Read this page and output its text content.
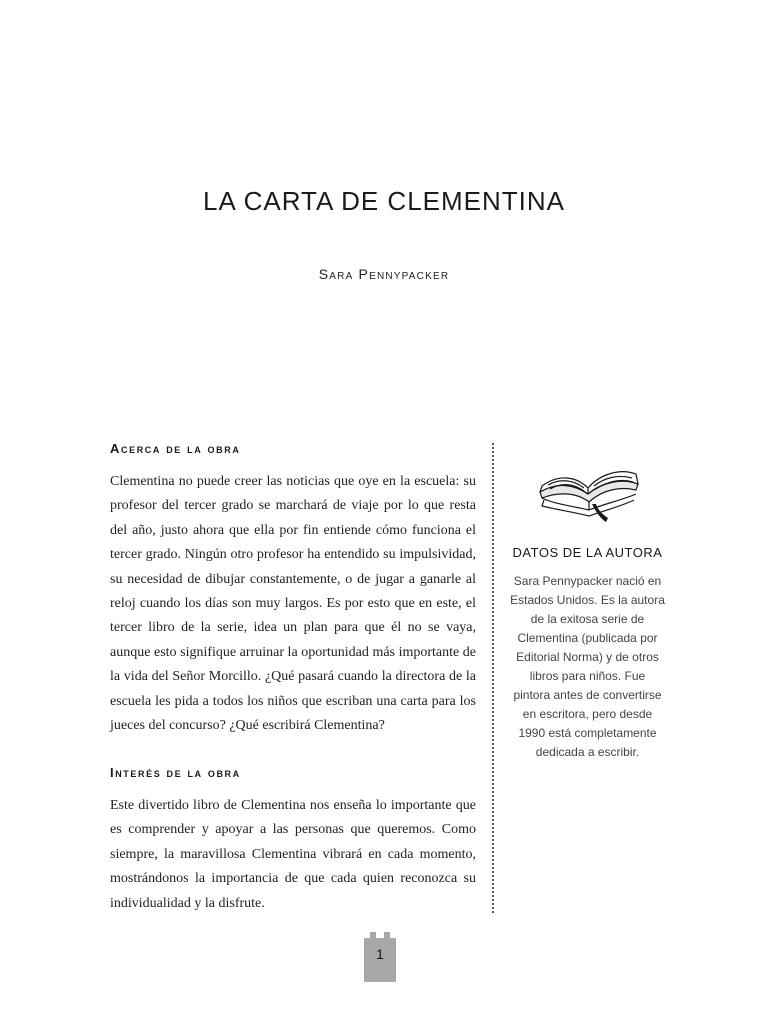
LA CARTA DE CLEMENTINA
Sara Pennypacker
Acerca de la obra

Clementina no puede creer las noticias que oye en la escuela: su profesor del tercer grado se marchará de viaje por lo que resta del año, justo ahora que ella por fin entiende cómo funciona el tercer grado. Ningún otro profesor ha entendido su impulsividad, su necesidad de dibujar constantemente, o de jugar a ganarle al reloj cuando los días son muy largos. Es por esto que en este, el tercer libro de la serie, idea un plan para que él no se vaya, aunque esto signifique arruinar la oportunidad más importante de la vida del Señor Morcillo. ¿Qué pasará cuando la directora de la escuela les pida a todos los niños que escriban una carta para los jueces del concurso? ¿Qué escribirá Clementina?

Interés de la obra

Este divertido libro de Clementina nos enseña lo importante que es comprender y apoyar a las personas que queremos. Como siempre, la maravillosa Clementina vibrará en cada momento, mostrándonos la importancia de que cada quien reconozca su individualidad y la disfrute.

DATOS DE LA AUTORA
Sara Pennypacker nació en Estados Unidos. Es la autora de la exitosa serie de Clementina (publicada por Editorial Norma) y de otros libros para niños. Fue pintora antes de convertirse en escritora, pero desde 1990 está completamente dedicada a escribir.
1
